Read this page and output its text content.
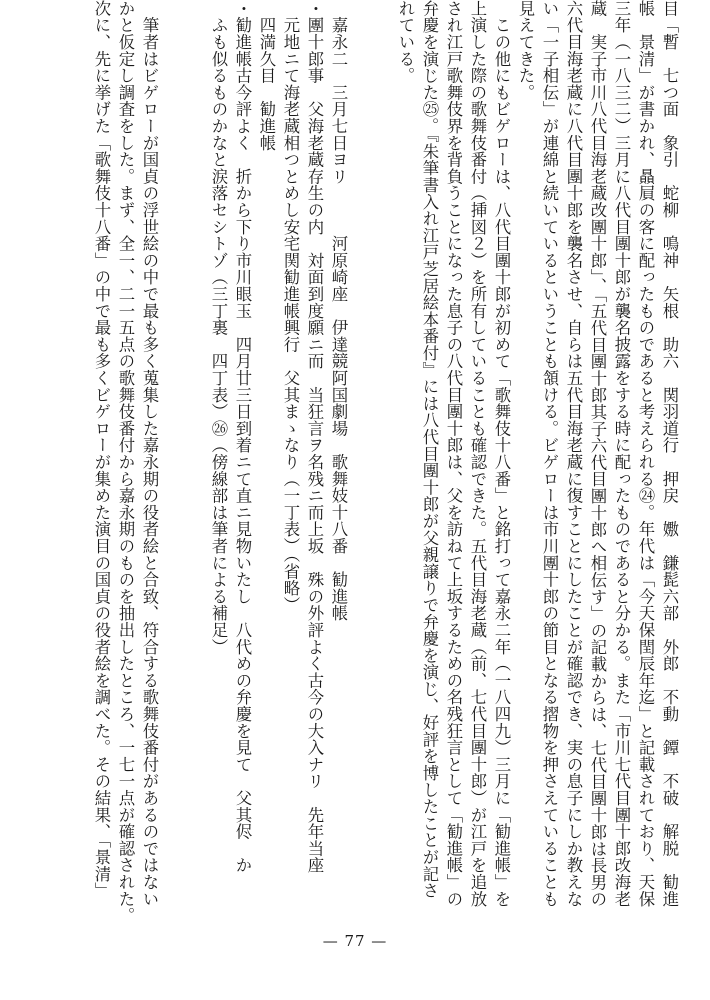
目「暫　七つ面　象引　蛇柳　鳴神　矢根　助六　関羽道行　押戻　嫐　鎌髭六部　外郎　不動　鐔　不破　解脱　勧進
帳　景清」が書かれ、贔屓の客に配ったものであると考えられる㉔。年代は「今天保閏辰年迄」と記載されており、天保
三年（一八三二）三月に八代目團十郎が襲名披露をする時に配ったものであると分かる。また「市川七代目團十郎改海老
蔵　実子市川八代目海老蔵改團十郎」、「五代目團十郎其子六代目團十郎へ相伝す」の記載からは、七代目團十郎は長男の
六代目海老蔵に八代目團十郎を襲名させ、自らは五代目海老蔵に復すことにしたことが確認でき、実の息子にしか教えな
い「一子相伝」が連綿と続いているということも頷ける。ビゲローは市川團十郎の節目となる摺物を押さえていることも
見えてきた。
　この他にもビゲローは、八代目團十郎が初めて「歌舞伎十八番」と銘打って嘉永二年（一八四九）三月に「勧進帳」を
上演した際の歌舞伎番付（挿図２）を所有していることも確認できた。五代目海老蔵（前、七代目團十郎）が江戸を追放
され江戸歌舞伎界を背負うことになった息子の八代目團十郎は、父を訪ねて上坂するための名残狂言として「勧進帳」の
弁慶を演じた㉕。『朱筆書入れ江戸芝居絵本番付』には八代目團十郎が父親譲りで弁慶を演じ、好評を博したことが記さ
れている。
　嘉永二　三月七日ヨリ　　　河原崎座　伊達競阿国劇場　歌舞妓十八番　勧進帳
・團十郎事　父海老蔵存生の内　対面到度願ニ而　当狂言ヲ名残ニ而上坂　殊の外評よく古今の大入ナリ　先年当座
　元地ニて海老蔵相つとめし安宅関勧進帳興行　父其まゝなり（一丁表）（省略）
　四満久目　勧進帳
・勧進帳古今評よく　折から下り市川眼玉　四月廿三日到着ニて直ニ見物いたし　八代めの弁慶を見て　父其侭　か
　ふも似るものかなと涙落セシトゾ（三丁裏　四丁表）㉖（傍線部は筆者による補足）
　筆者はビゲローが国貞の浮世絵の中で最も多く蒐集した嘉永期の役者絵と合致、符合する歌舞伎番付があるのではない
かと仮定し調査をした。まず、全一、二一五点の歌舞伎番付から嘉永期のものを抽出したところ、一七一点が確認された。
次に、先に挙げた「歌舞伎十八番」の中で最も多くビゲローが集めた演目の国貞の役者絵を調べた。その結果、「景清」
— 77 —
